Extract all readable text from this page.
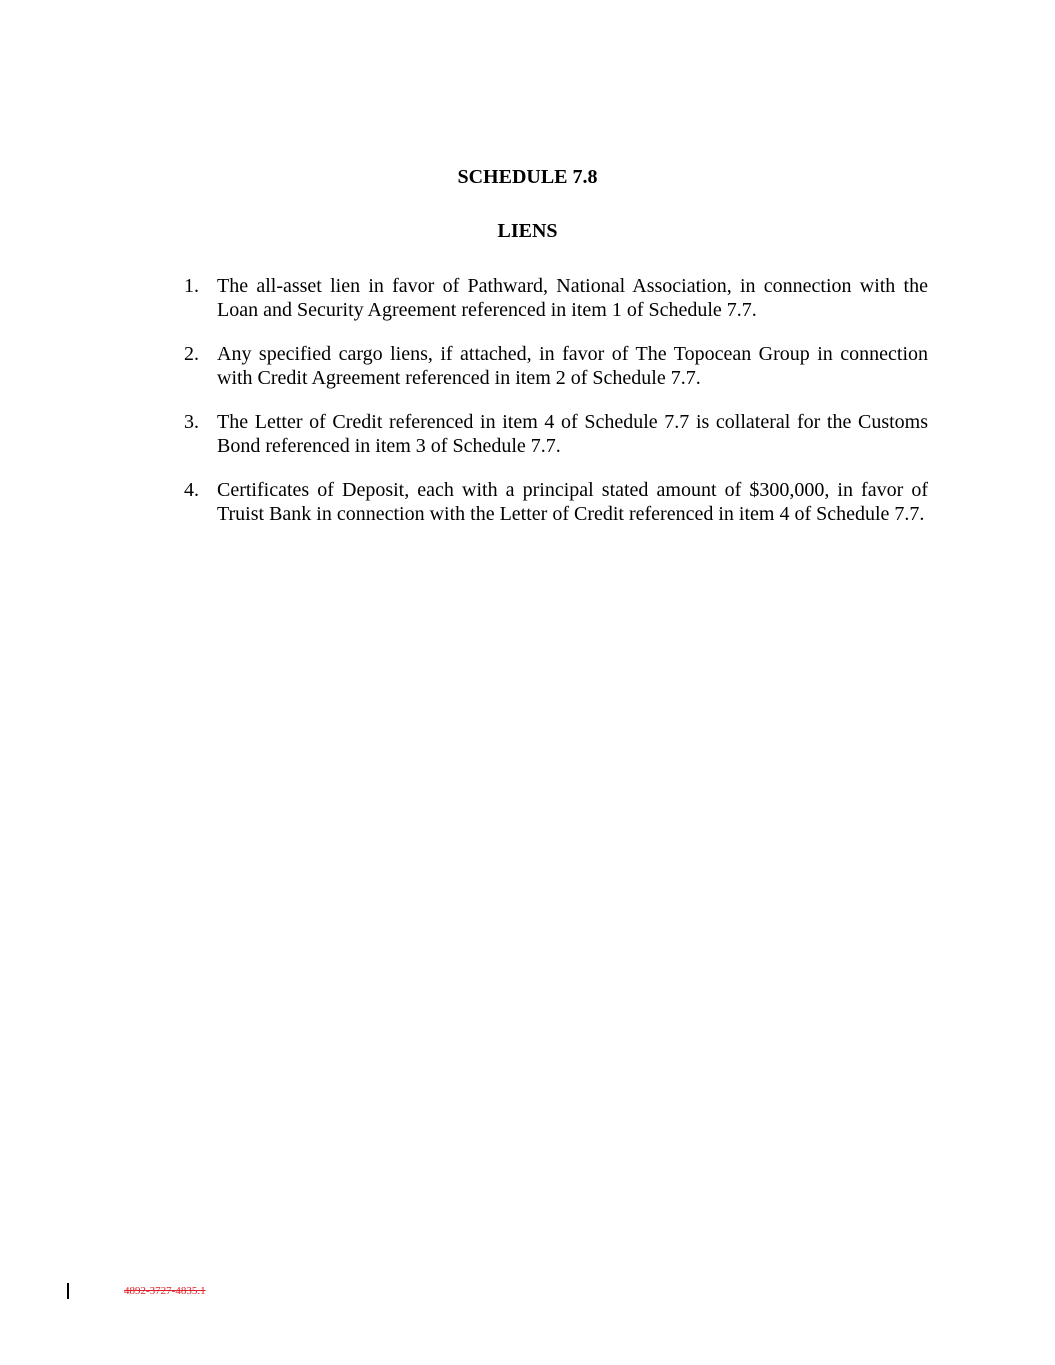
SCHEDULE 7.8

LIENS

1. The all-asset lien in favor of Pathward, National Association, in connection with the Loan and Security Agreement referenced in item 1 of Schedule 7.7.
2. Any specified cargo liens, if attached, in favor of The Topocean Group in connection with Credit Agreement referenced in item 2 of Schedule 7.7.
3. The Letter of Credit referenced in item 4 of Schedule 7.7 is collateral for the Customs Bond referenced in item 3 of Schedule 7.7.
4. Certificates of Deposit, each with a principal stated amount of $300,000, in favor of Truist Bank in connection with the Letter of Credit referenced in item 4 of Schedule 7.7.
4892-3727-4835.1
